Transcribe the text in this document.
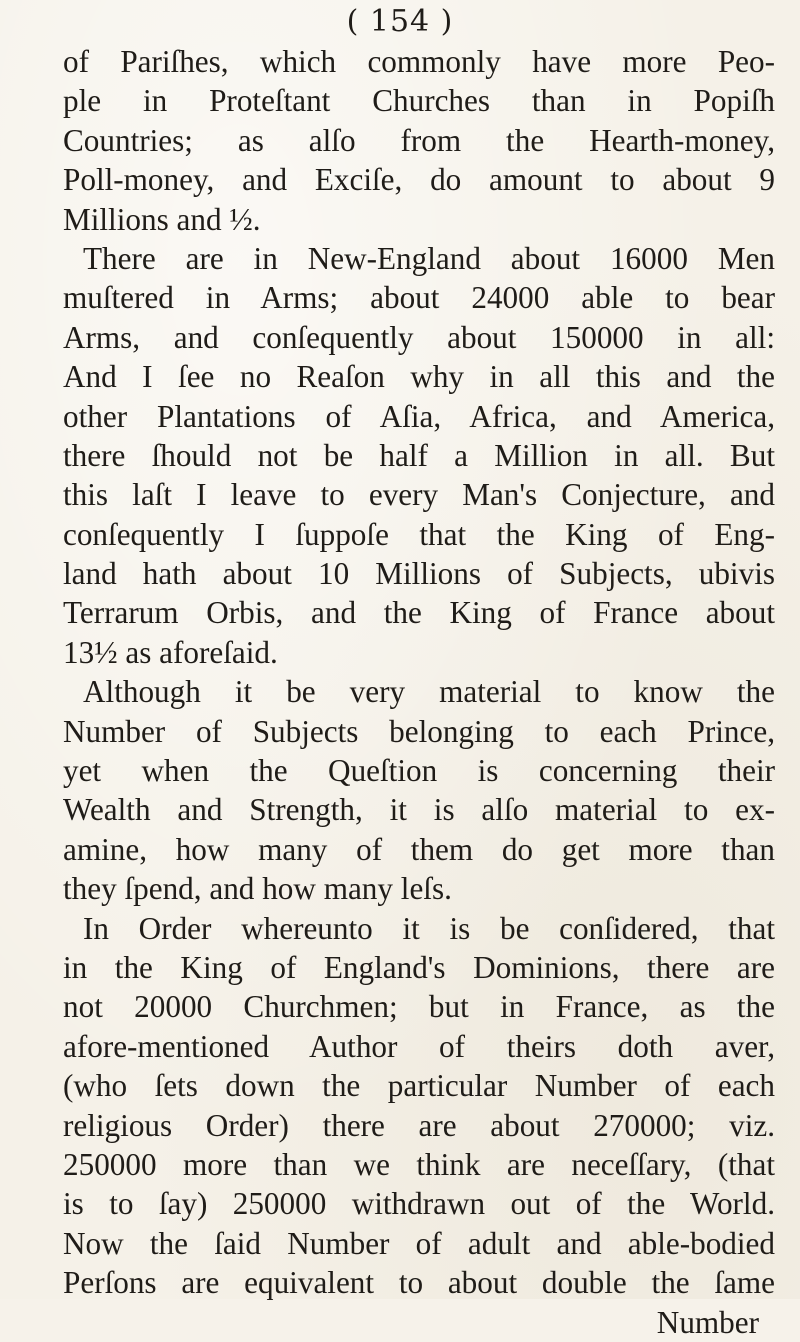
( 154 )
of Pariſhes, which commonly have more Peo-
ple in Proteſtant Churches than in Popiſh
Countries; as alſo from the Hearth-money,
Poll-money, and Exciſe, do amount to about 9
Millions and ½.
There are in New-England about 16000 Men
muſtered in Arms; about 24000 able to bear
Arms, and conſequently about 150000 in all:
And I ſee no Reaſon why in all this and the
other Plantations of Aſia, Africa, and America,
there ſhould not be half a Million in all. But
this laſt I leave to every Man's Conjecture, and
conſequently I ſuppoſe that the King of Eng-
land hath about 10 Millions of Subjects, ubivis
Terrarum Orbis, and the King of France about
13½ as aforeſaid.
Although it be very material to know the
Number of Subjects belonging to each Prince,
yet when the Queſtion is concerning their
Wealth and Strength, it is alſo material to ex-
amine, how many of them do get more than
they ſpend, and how many leſs.
In Order whereunto it is be conſidered, that
in the King of England's Dominions, there are
not 20000 Churchmen; but in France, as the
afore-mentioned Author of theirs doth aver,
(who ſets down the particular Number of each
religious Order) there are about 270000; viz.
250000 more than we think are neceſſary, (that
is to ſay) 250000 withdrawn out of the World.
Now the ſaid Number of adult and able-bodied
Perſons are equivalent to about double the ſame
Number
